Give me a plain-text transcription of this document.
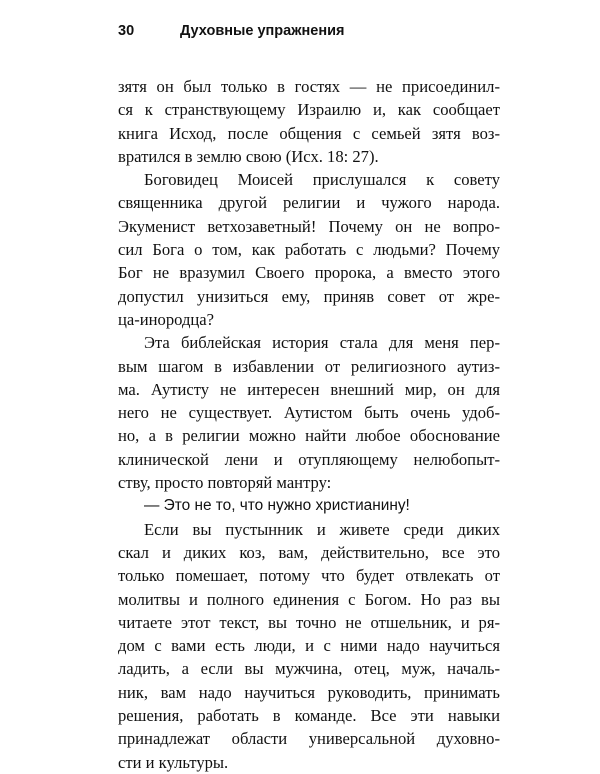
30	Духовные упражнения
зятя он был только в гостях — не присоединил-
ся к странствующему Израилю и, как сообщает
книга Исход, после общения с семьей зятя воз-
вратился в землю свою (Исх. 18: 27).
Боговидец Моисей прислушался к совету
священника другой религии и чужого народа.
Экуменист ветхозаветный! Почему он не вопро-
сил Бога о том, как работать с людьми? Почему
Бог не вразумил Своего пророка, а вместо этого
допустил унизиться ему, приняв совет от жре-
ца-инородца?
Эта библейская история стала для меня пер-
вым шагом в избавлении от религиозного аутиз-
ма. Аутисту не интересен внешний мир, он для
него не существует. Аутистом быть очень удоб-
но, а в религии можно найти любое обоснование
клинической лени и отупляющему нелюбопыт-
ству, просто повторяй мантру:
— Это не то, что нужно христианину!
Если вы пустынник и живете среди диких
скал и диких коз, вам, действительно, все это
только помешает, потому что будет отвлекать от
молитвы и полного единения с Богом. Но раз вы
читаете этот текст, вы точно не отшельник, и ря-
дом с вами есть люди, и с ними надо научиться
ладить, а если вы мужчина, отец, муж, началь-
ник, вам надо научиться руководить, принимать
решения, работать в команде. Все эти навыки
принадлежат области универсальной духовно-
сти и культуры.
